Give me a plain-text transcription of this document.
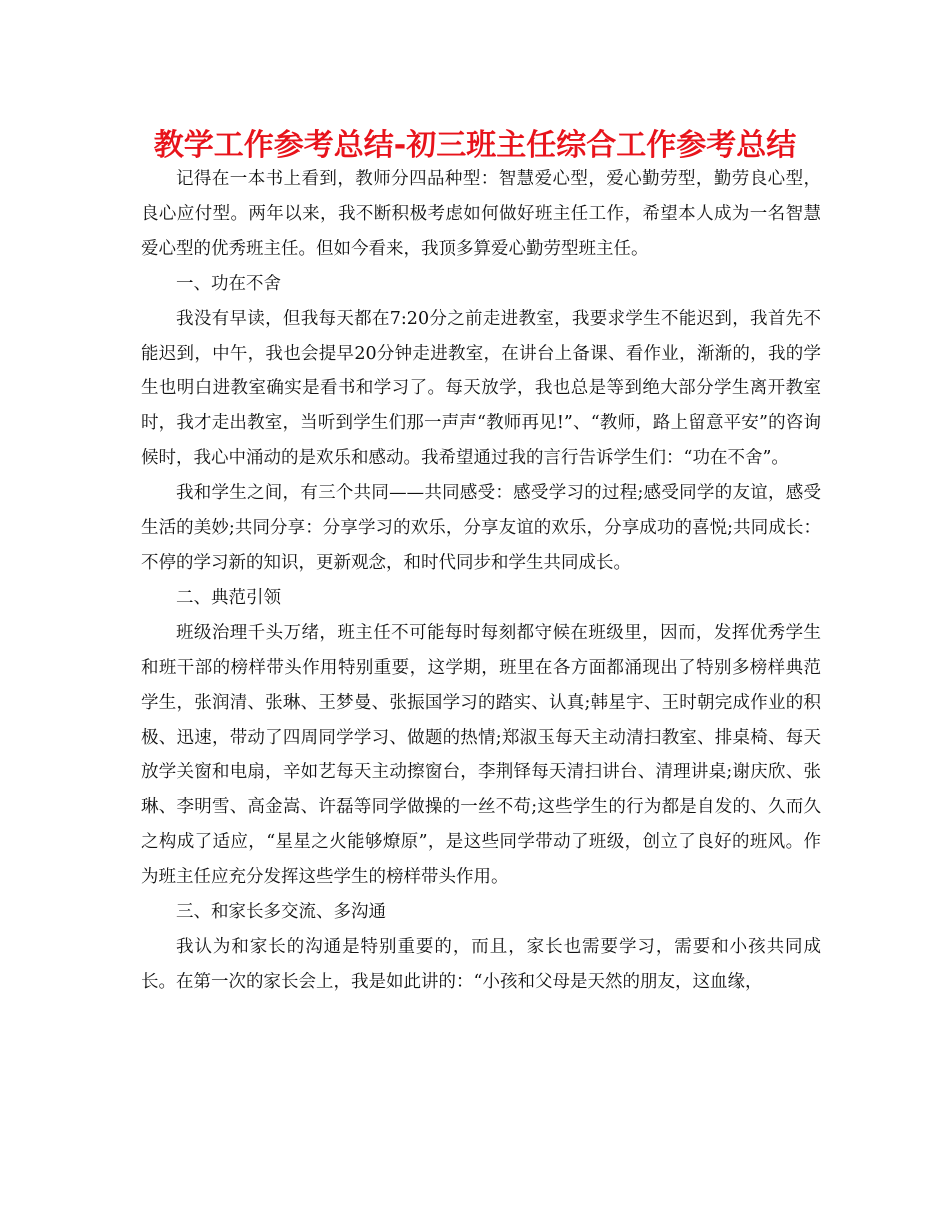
教学工作参考总结-初三班主任综合工作参考总结

记得在一本书上看到，教师分四品种型：智慧爱心型，爱心勤劳型，勤劳良心型，良心应付型。两年以来，我不断积极考虑如何做好班主任工作，希望本人成为一名智慧爱心型的优秀班主任。但如今看来，我顶多算爱心勤劳型班主任。

一、功在不舍

我没有早读，但我每天都在7:20分之前走进教室，我要求学生不能迟到，我首先不能迟到，中午，我也会提早20分钟走进教室，在讲台上备课、看作业，渐渐的，我的学生也明白进教室确实是看书和学习了。每天放学，我也总是等到绝大部分学生离开教室时，我才走出教室，当听到学生们那一声声“教师再见!”、“教师，路上留意平安”的咨询候时，我心中涌动的是欢乐和感动。我希望通过我的言行告诉学生们：“功在不舍”。

我和学生之间，有三个共同——共同感受：感受学习的过程;感受同学的友谊，感受生活的美妙;共同分享：分享学习的欢乐，分享友谊的欢乐，分享成功的喜悦;共同成长：不停的学习新的知识，更新观念，和时代同步和学生共同成长。

二、典范引领

班级治理千头万绪，班主任不可能每时每刻都守候在班级里，因而，发挥优秀学生和班干部的榜样带头作用特别重要，这学期，班里在各方面都涌现出了特别多榜样典范学生，张润清、张琳、王梦曼、张振国学习的踏实、认真;韩星宇、王时朝完成作业的积极、迅速，带动了四周同学学习、做题的热情;郑淑玉每天主动清扫教室、排桌椅、每天放学关窗和电扇，辛如艺每天主动擦窗台，李荆铎每天清扫讲台、清理讲桌;谢庆欣、张琳、李明雪、高金嵩、许磊等同学做操的一丝不苟;这些学生的行为都是自发的、久而久之构成了适应，“星星之火能够燎原”，是这些同学带动了班级，创立了良好的班风。作为班主任应充分发挥这些学生的榜样带头作用。

三、和家长多交流、多沟通

我认为和家长的沟通是特别重要的，而且，家长也需要学习，需要和小孩共同成长。在第一次的家长会上，我是如此讲的：“小孩和父母是天然的朋友，这血缘，
